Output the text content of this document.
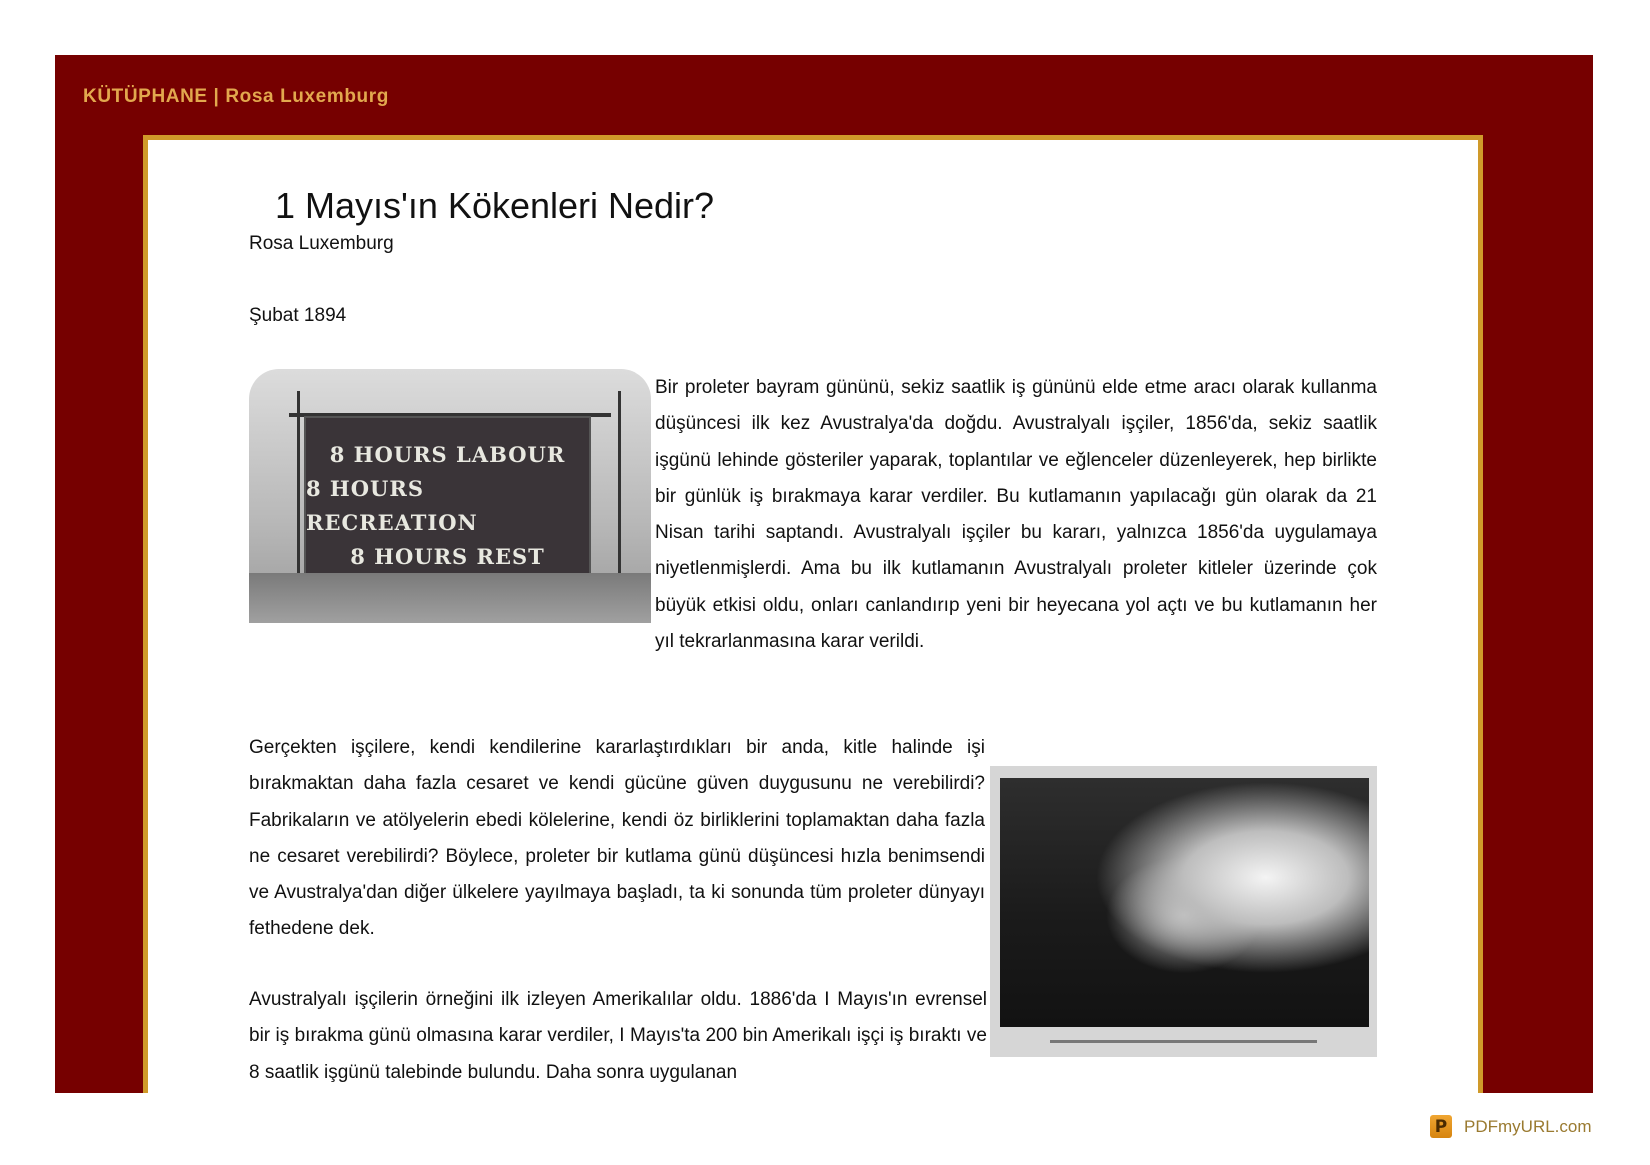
KÜTÜPHANE | Rosa Luxemburg
1 Mayıs'ın Kökenleri Nedir?
Rosa Luxemburg
Şubat 1894
8 HOURS LABOUR
8 HOURS RECREATION
8 HOURS REST

Bir proleter bayram gününü, sekiz saatlik iş gününü elde etme aracı olarak kullanma düşüncesi ilk kez Avustralya'da doğdu. Avustralyalı işçiler, 1856'da, sekiz saatlik işgünü lehinde gösteriler yaparak, toplantılar ve eğlenceler düzenleyerek, hep birlikte bir günlük iş bırakmaya karar verdiler. Bu kutlamanın yapılacağı gün olarak da 21 Nisan tarihi saptandı. Avustralyalı işçiler bu kararı, yalnızca 1856'da uygulamaya niyetlenmişlerdi. Ama bu ilk kutlamanın Avustralyalı proleter kitleler üzerinde çok büyük etkisi oldu, onları canlandırıp yeni bir heyecana yol açtı ve bu kutlamanın her yıl tekrarlanmasına karar verildi.

Gerçekten işçilere, kendi kendilerine kararlaştırdıkları bir anda, kitle halinde işi bırakmaktan daha fazla cesaret ve kendi gücüne güven duygusunu ne verebilirdi? Fabrikaların ve atölyelerin ebedi kölelerine, kendi öz birliklerini toplamaktan daha fazla ne cesaret verebilirdi? Böylece, proleter bir kutlama günü düşüncesi hızla benimsendi ve Avustralya'dan diğer ülkelere yayılmaya başladı, ta ki sonunda tüm proleter dünyayı fethedene dek.

Avustralyalı işçilerin örneğini ilk izleyen Amerikalılar oldu. 1886'da I Mayıs'ın evrensel bir iş bırakma günü olmasına karar verdiler, I Mayıs'ta 200 bin Amerikalı işçi iş bıraktı ve 8 saatlik işgünü talebinde bulundu. Daha sonra uygulanan

P PDFmyURL.com
